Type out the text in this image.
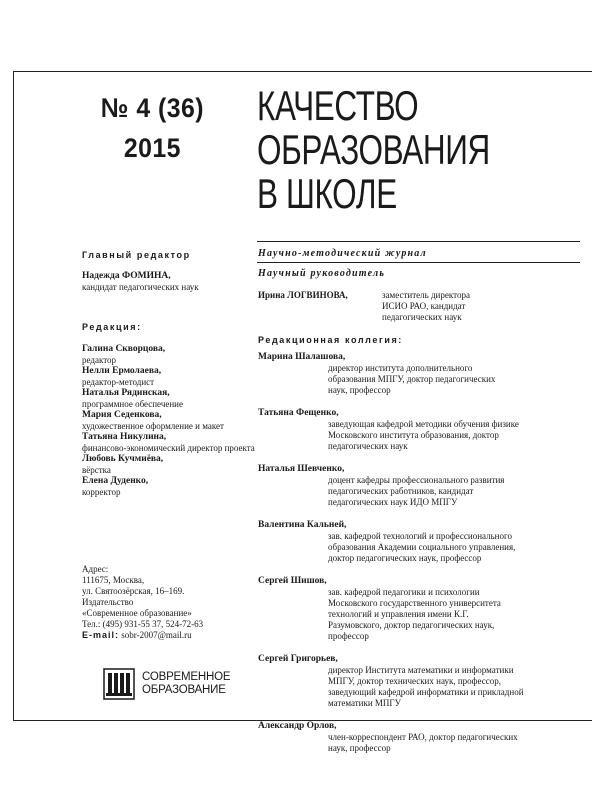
№ 4 (36)
2015
КАЧЕСТВО
ОБРАЗОВАНИЯ
В ШКОЛЕ
Научно-методический журнал
Главный редактор
Надежда ФОМИНА,
кандидат педагогических наук
Редакция:
Галина Скворцова,
редактор
Нелли Ермолаева,
редактор-методист
Наталья Рядинская,
программное обеспечение
Мария Седенкова,
художественное оформление и макет
Татьяна Никулина,
финансово-экономический директор проекта
Любовь Кучмиёва,
вёрстка
Елена Дуденко,
корректор
Адрес:
111675, Москва,
ул. Святоозёрская, 16–169.
Издательство
«Современное образование»
Тел.: (495) 931-55 37, 524-72-63
E-mail: sobr-2007@mail.ru
СОВРЕМЕННОЕ
ОБРАЗОВАНИЕ
Научный руководитель
Ирина ЛОГВИНОВА,	заместитель директора ИСИО РАО, кандидат педагогических наук
Редакционная коллегия:
Марина Шалашова,
директор института дополнительного образования МПГУ, доктор педагогических наук, профессор
Татьяна Фещенко,
заведующая кафедрой методики обучения физике Московского института образования, доктор педагогических наук
Наталья Шевченко,
доцент кафедры профессионального развития педагогических работников, кандидат педагогических наук ИДО МПГУ
Валентина Кальней,
зав. кафедрой технологий и профессионального образования Академии социального управления, доктор педагогических наук, профессор
Сергей Шишов,
зав. кафедрой педагогики и психологии Московского государственного университета технологий и управления имени К.Г. Разумовского, доктор педагогических наук, профессор
Сергей Григорьев,
директор Института математики и информатики МПГУ, доктор технических наук, профессор, заведующий кафедрой информатики и прикладной математики МПГУ
Александр Орлов,
член-корреспондент РАО, доктор педагогических наук, профессор
